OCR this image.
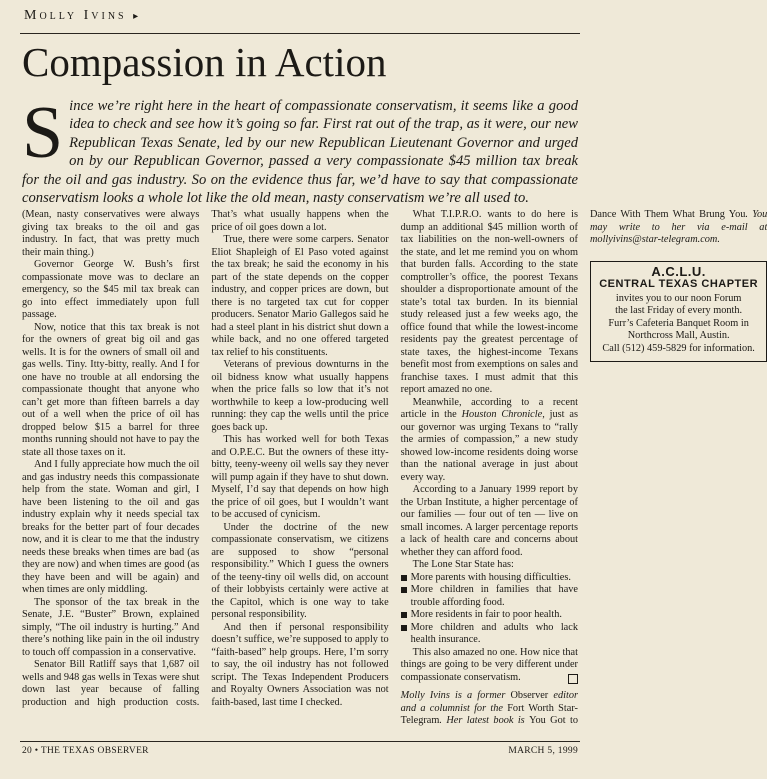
Molly Ivins ▸
Compassion in Action
S ince we’re right here in the heart of compassionate conservatism, it seems like a good idea to check and see how it’s going so far. First rat out of the trap, as it were, our new Republican Texas Senate, led by our new Republican Lieutenant Governor and urged on by our Republican Governor, passed a very compassionate $45 million tax break for the oil and gas industry. So on the evidence thus far, we’d have to say that compassionate conservatism looks a whole lot like the old mean, nasty conservatism we’re all used to.

(Mean, nasty conservatives were always giving tax breaks to the oil and gas industry. In fact, that was pretty much their main thing.)

Governor George W. Bush’s first compassionate move was to declare an emergency, so the $45 mil tax break can go into effect immediately upon full passage.

Now, notice that this tax break is not for the owners of great big oil and gas wells. It is for the owners of small oil and gas wells. Tiny. Itty-bitty, really. And I for one have no trouble at all endorsing the compassionate thought that anyone who can’t get more than fifteen barrels a day out of a well when the price of oil has dropped below $15 a barrel for three months running should not have to pay the state all those taxes on it.

And I fully appreciate how much the oil and gas industry needs this compassionate help from the state. Woman and girl, I have been listening to the oil and gas industry explain why it needs special tax breaks for the better part of four decades now, and it is clear to me that the industry needs these breaks when times are bad (as they are now) and when times are good (as they have been and will be again) and when times are only middling.

The sponsor of the tax break in the Senate, J.E. “Buster” Brown, explained simply, “The oil industry is hurting.” And there’s nothing like pain in the oil industry to touch off compassion in a conservative.

Senator Bill Ratliff says that 1,687 oil wells and 948 gas wells in Texas were shut down last year because of falling production and high production costs. That’s what usually happens when the price of oil goes down a lot.

True, there were some carpers. Senator Eliot Shapleigh of El Paso voted against the tax break; he said the economy in his part of the state depends on the copper industry, and copper prices are down, but there is no targeted tax cut for copper producers. Senator Mario Gallegos said he had a steel plant in his district shut down a while back, and no one offered targeted tax relief to his constituents.

Veterans of previous downturns in the oil bidness know what usually happens when the price falls so low that it’s not worthwhile to keep a low-producing well running: they cap the wells until the price goes back up.

This has worked well for both Texas and O.P.E.C. But the owners of these itty-bitty, teeny-weeny oil wells say they never will pump again if they have to shut down. Myself, I’d say that depends on how high the price of oil goes, but I wouldn’t want to be accused of cynicism.

Under the doctrine of the new compassionate conservatism, we citizens are supposed to show “personal responsibility.” Which I guess the owners of the teeny-tiny oil wells did, on account of their lobbyists certainly were active at the Capitol, which is one way to take personal responsibility.

And then if personal responsibility doesn’t suffice, we’re supposed to apply to “faith-based” help groups. Here, I’m sorry to say, the oil industry has not followed script. The Texas Independent Producers and Royalty Owners Association was not faith-based, last time I checked.

What T.I.P.R.O. wants to do here is dump an additional $45 million worth of tax liabilities on the non-well-owners of the state, and let me remind you on whom that burden falls. According to the state comptroller’s office, the poorest Texans shoulder a disproportionate amount of the state’s total tax burden. In its biennial study released just a few weeks ago, the office found that while the lowest-income residents pay the greatest percentage of state taxes, the highest-income Texans benefit most from exemptions on sales and franchise taxes. I must admit that this report amazed no one.

Meanwhile, according to a recent article in the Houston Chronicle, just as our governor was urging Texans to “rally the armies of compassion,” a new study showed low-income residents doing worse than the national average in just about every way.

According to a January 1999 report by the Urban Institute, a higher percentage of our families — four out of ten — live on small incomes. A larger percentage reports a lack of health care and concerns about whether they can afford food.

The Lone Star State has:

More parents with housing difficulties.

More children in families that have trouble affording food.

More residents in fair to poor health.

More children and adults who lack health insurance.

This also amazed no one. How nice that things are going to be very different under compassionate conservatism.

Molly Ivins is a former Observer editor and a columnist for the Fort Worth Star-Telegram. Her latest book is You Got to Dance With Them What Brung You. You may write to her via e-mail at mollyivins@star-telegram.com.

A.C.L.U.
CENTRAL TEXAS CHAPTER
invites you to our noon Forum
the last Friday of every month.
Furr’s Cafeteria Banquet Room in
Northcross Mall, Austin.
Call (512) 459-5829 for information.
20 • THE TEXAS OBSERVER	MARCH 5, 1999
